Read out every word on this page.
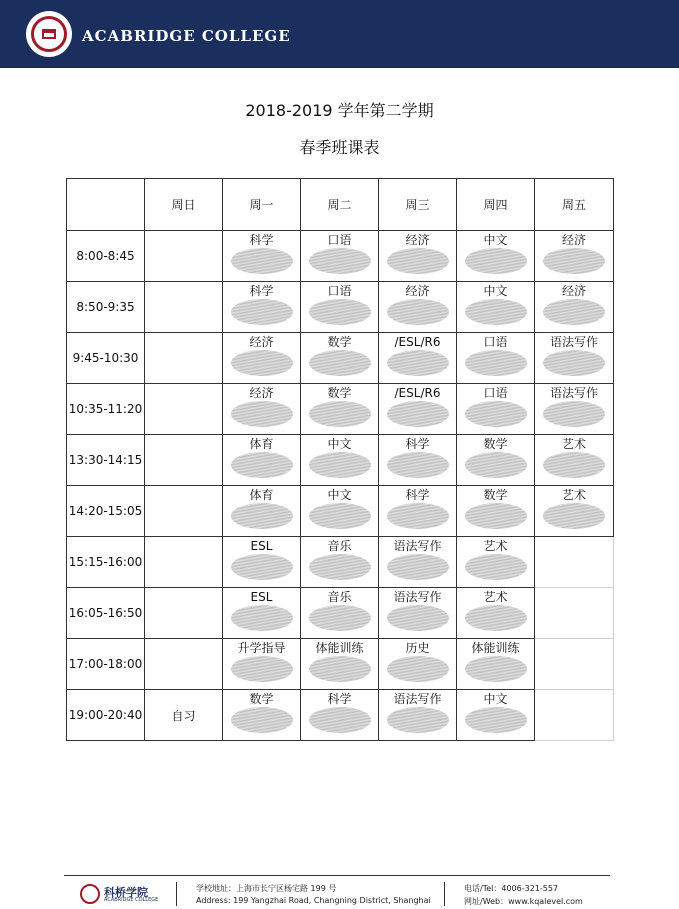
ACABRIDGE COLLEGE
2018-2019 学年第二学期
春季班课表
	周日	周一	周二	周三	周四	周五
8:00-8:45		科学	口语	经济	中文	经济

8:50-9:35		科学	口语	经济	中文	经济

9:45-10:30		经济	数学	/ESL/R6	口语	语法写作

10:35-11:20		经济	数学	/ESL/R6	口语	语法写作

13:30-14:15		体育	中文	科学	数学	艺术

14:20-15:05		体育	中文	科学	数学	艺术

15:15-16:00		ESL	音乐	语法写作	艺术	

16:05-16:50		ESL	音乐	语法写作	艺术	

17:00-18:00		升学指导	体能训练	历史	体能训练	

19:00-20:40	自习	数学	科学	语法写作	中文	

科桥学院
ACABRIDGE COLLEGE
学校地址：上海市长宁区杨宅路 199 号
Address: 199 Yangzhai Road, Changning District, Shanghai
电话/Tel：4006-321-557
网址/Web：www.kqalevel.com
